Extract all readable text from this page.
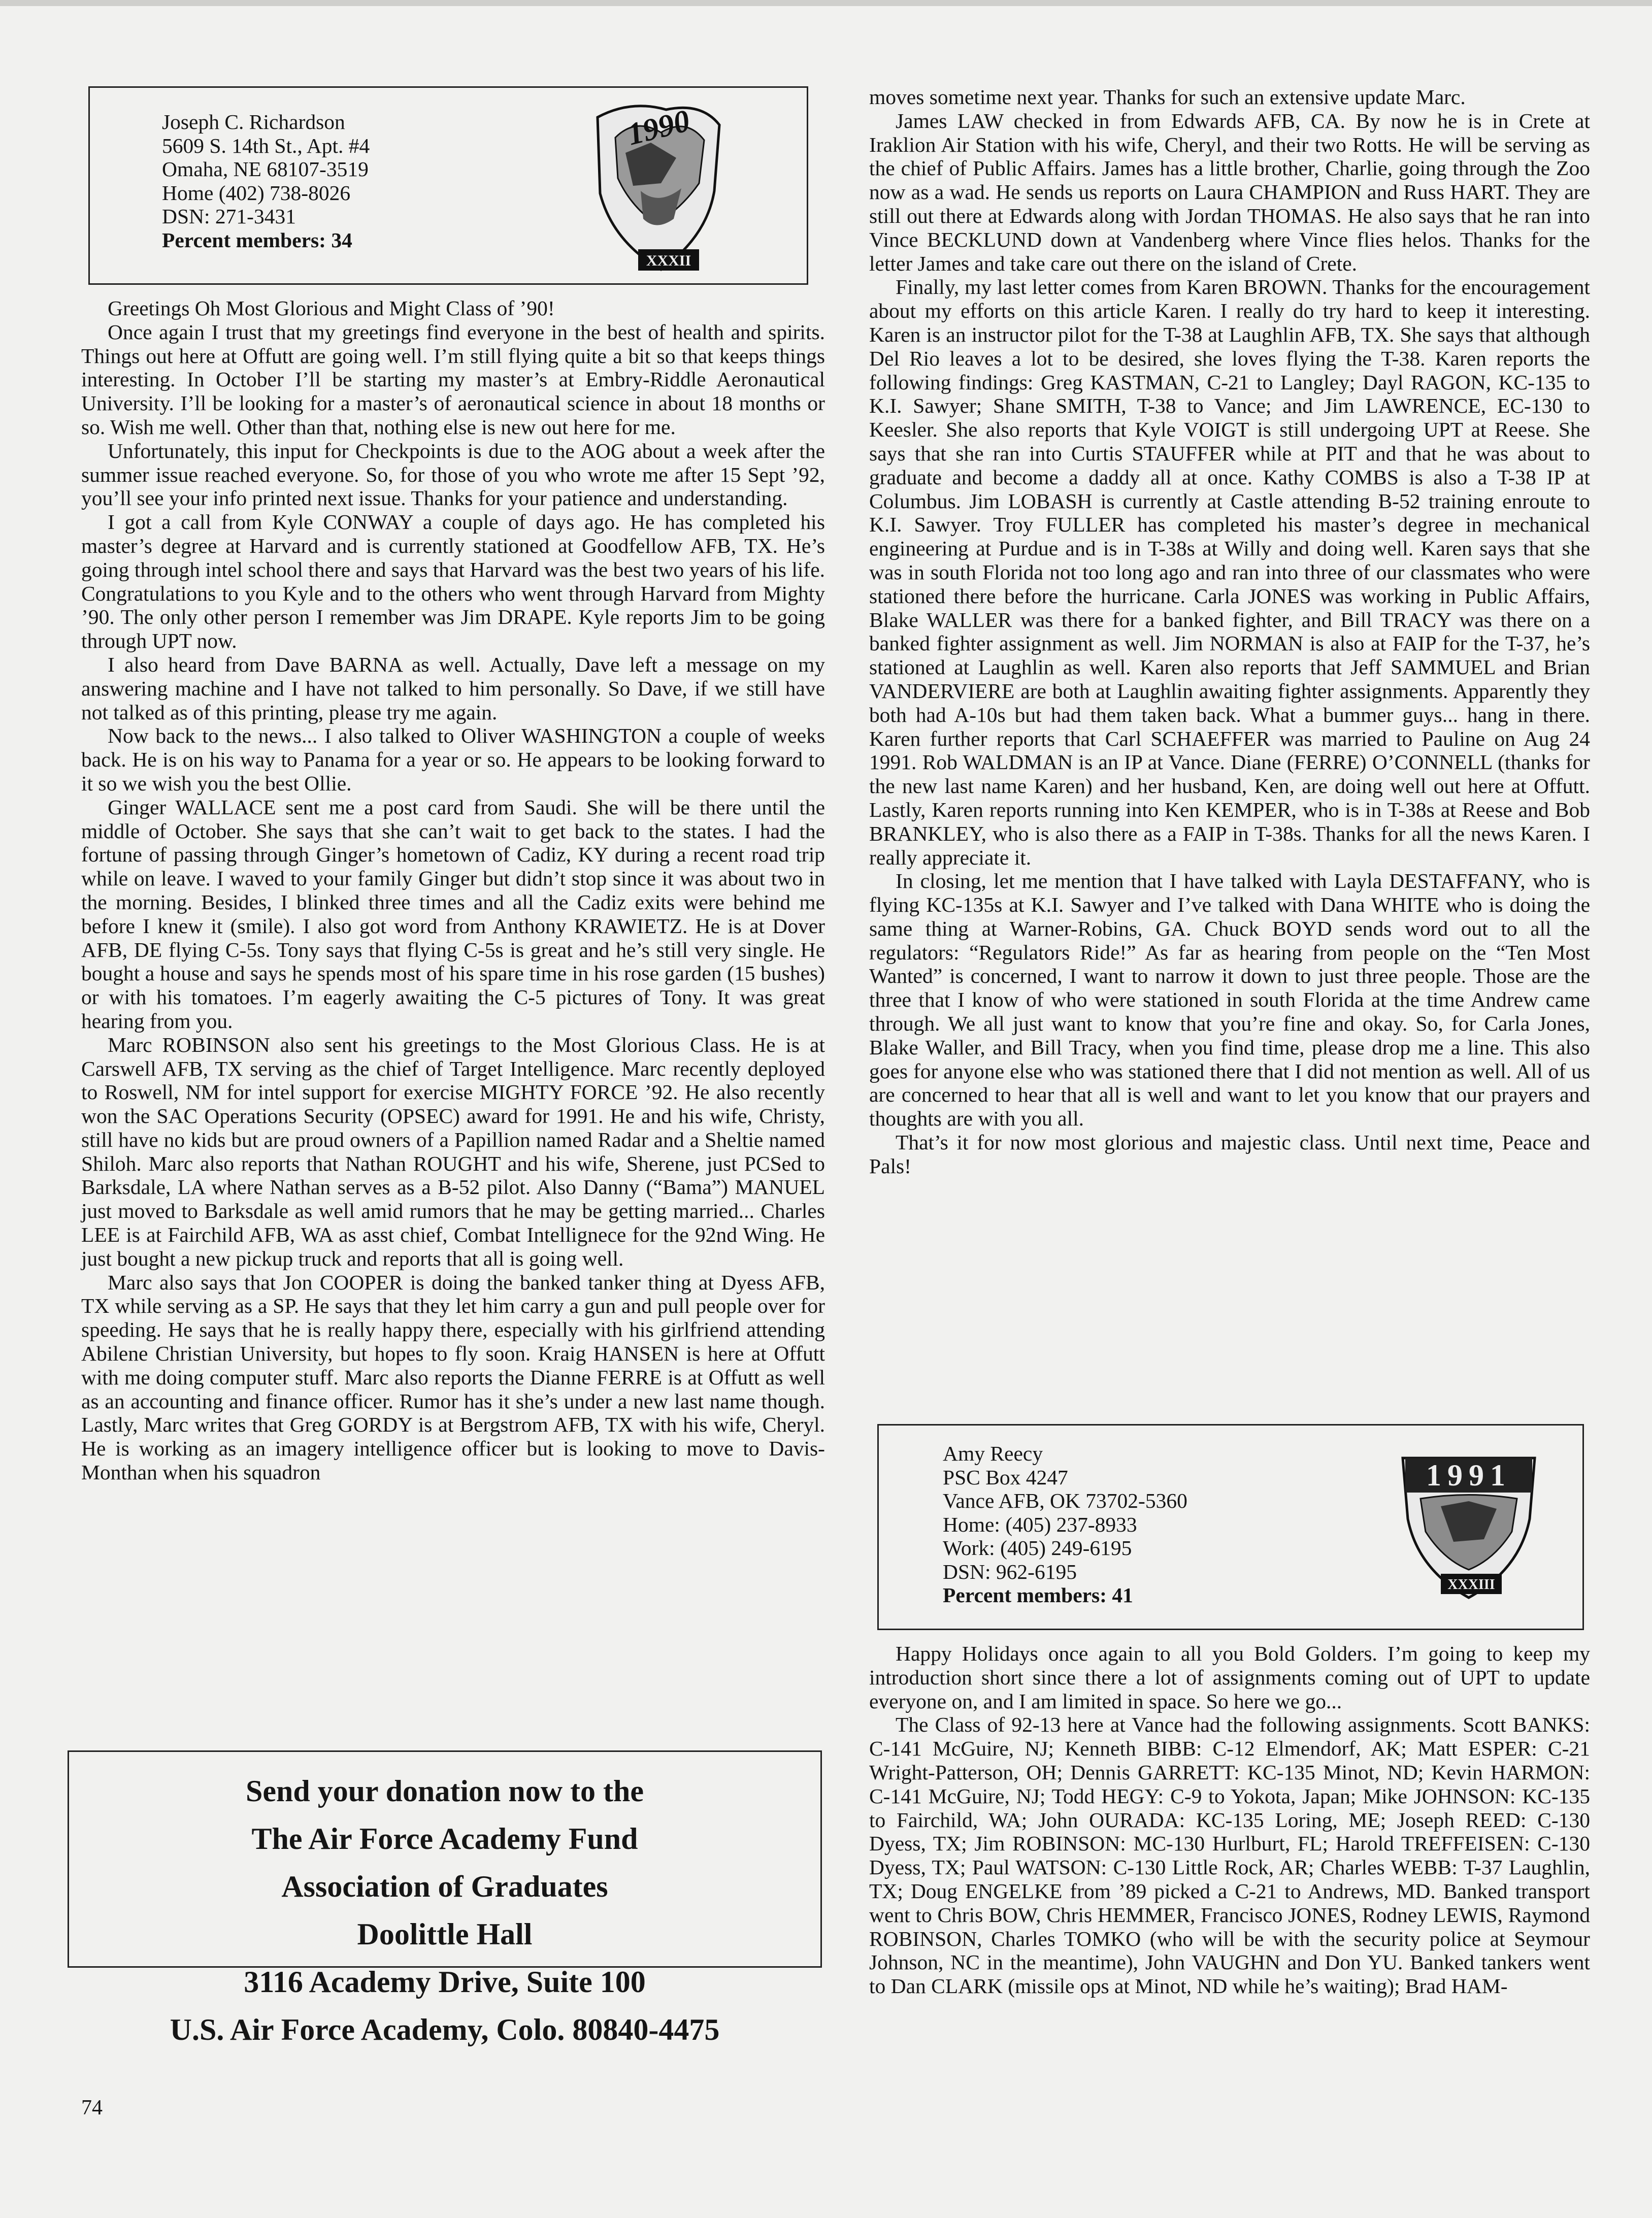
Joseph C. Richardson
5609 S. 14th St., Apt. #4
Omaha, NE 68107-3519
Home (402) 738-8026
DSN: 271-3431
Percent members: 34
1990
XXXII

Greetings Oh Most Glorious and Might Class of ’90!

Once again I trust that my greetings find everyone in the best of health and spirits. Things out here at Offutt are going well. I’m still flying quite a bit so that keeps things interesting. In October I’ll be starting my master’s at Embry-Riddle Aeronautical University. I’ll be looking for a master’s of aeronautical science in about 18 months or so. Wish me well. Other than that, nothing else is new out here for me.

Unfortunately, this input for Checkpoints is due to the AOG about a week after the summer issue reached everyone. So, for those of you who wrote me after 15 Sept ’92, you’ll see your info printed next issue. Thanks for your patience and understanding.

I got a call from Kyle CONWAY a couple of days ago. He has completed his master’s degree at Harvard and is currently stationed at Goodfellow AFB, TX. He’s going through intel school there and says that Harvard was the best two years of his life. Congratulations to you Kyle and to the others who went through Harvard from Mighty ’90. The only other person I remember was Jim DRAPE. Kyle reports Jim to be going through UPT now.

I also heard from Dave BARNA as well. Actually, Dave left a message on my answering machine and I have not talked to him personally. So Dave, if we still have not talked as of this printing, please try me again.

Now back to the news... I also talked to Oliver WASHINGTON a couple of weeks back. He is on his way to Panama for a year or so. He appears to be looking forward to it so we wish you the best Ollie.

Ginger WALLACE sent me a post card from Saudi. She will be there until the middle of October. She says that she can’t wait to get back to the states. I had the fortune of passing through Ginger’s hometown of Cadiz, KY during a recent road trip while on leave. I waved to your family Ginger but didn’t stop since it was about two in the morning. Besides, I blinked three times and all the Cadiz exits were behind me before I knew it (smile). I also got word from Anthony KRAWIETZ. He is at Dover AFB, DE flying C-5s. Tony says that flying C-5s is great and he’s still very single. He bought a house and says he spends most of his spare time in his rose garden (15 bushes) or with his tomatoes. I’m eagerly awaiting the C-5 pictures of Tony. It was great hearing from you.

Marc ROBINSON also sent his greetings to the Most Glorious Class. He is at Carswell AFB, TX serving as the chief of Target Intelligence. Marc recently deployed to Roswell, NM for intel support for exercise MIGHTY FORCE ’92. He also recently won the SAC Operations Security (OPSEC) award for 1991. He and his wife, Christy, still have no kids but are proud owners of a Papillion named Radar and a Sheltie named Shiloh. Marc also reports that Nathan ROUGHT and his wife, Sherene, just PCSed to Barksdale, LA where Nathan serves as a B-52 pilot. Also Danny (“Bama”) MANUEL just moved to Barksdale as well amid rumors that he may be getting married... Charles LEE is at Fairchild AFB, WA as asst chief, Combat Intellignece for the 92nd Wing. He just bought a new pickup truck and reports that all is going well.

Marc also says that Jon COOPER is doing the banked tanker thing at Dyess AFB, TX while serving as a SP. He says that they let him carry a gun and pull people over for speeding. He says that he is really happy there, especially with his girlfriend attending Abilene Christian University, but hopes to fly soon. Kraig HANSEN is here at Offutt with me doing computer stuff. Marc also reports the Dianne FERRE is at Offutt as well as an accounting and finance officer. Rumor has it she’s under a new last name though. Lastly, Marc writes that Greg GORDY is at Bergstrom AFB, TX with his wife, Cheryl. He is working as an imagery intelligence officer but is looking to move to Davis-Monthan when his squadron

Send your donation now to the
The Air Force Academy Fund
Association of Graduates
Doolittle Hall
3116 Academy Drive, Suite 100
U.S. Air Force Academy, Colo. 80840-4475
74

moves sometime next year. Thanks for such an extensive update Marc.

James LAW checked in from Edwards AFB, CA. By now he is in Crete at Iraklion Air Station with his wife, Cheryl, and their two Rotts. He will be serving as the chief of Public Affairs. James has a little brother, Charlie, going through the Zoo now as a wad. He sends us reports on Laura CHAMPION and Russ HART. They are still out there at Edwards along with Jordan THOMAS. He also says that he ran into Vince BECKLUND down at Vandenberg where Vince flies helos. Thanks for the letter James and take care out there on the island of Crete.

Finally, my last letter comes from Karen BROWN. Thanks for the encouragement about my efforts on this article Karen. I really do try hard to keep it interesting. Karen is an instructor pilot for the T-38 at Laughlin AFB, TX. She says that although Del Rio leaves a lot to be desired, she loves flying the T-38. Karen reports the following findings: Greg KASTMAN, C-21 to Langley; Dayl RAGON, KC-135 to K.I. Sawyer; Shane SMITH, T-38 to Vance; and Jim LAWRENCE, EC-130 to Keesler. She also reports that Kyle VOIGT is still undergoing UPT at Reese. She says that she ran into Curtis STAUFFER while at PIT and that he was about to graduate and become a daddy all at once. Kathy COMBS is also a T-38 IP at Columbus. Jim LOBASH is currently at Castle attending B-52 training enroute to K.I. Sawyer. Troy FULLER has completed his master’s degree in mechanical engineering at Purdue and is in T-38s at Willy and doing well. Karen says that she was in south Florida not too long ago and ran into three of our classmates who were stationed there before the hurricane. Carla JONES was working in Public Affairs, Blake WALLER was there for a banked fighter, and Bill TRACY was there on a banked fighter assignment as well. Jim NORMAN is also at FAIP for the T-37, he’s stationed at Laughlin as well. Karen also reports that Jeff SAMMUEL and Brian VANDERVIERE are both at Laughlin awaiting fighter assignments. Apparently they both had A-10s but had them taken back. What a bummer guys... hang in there. Karen further reports that Carl SCHAEFFER was married to Pauline on Aug 24 1991. Rob WALDMAN is an IP at Vance. Diane (FERRE) O’CONNELL (thanks for the new last name Karen) and her husband, Ken, are doing well out here at Offutt. Lastly, Karen reports running into Ken KEMPER, who is in T-38s at Reese and Bob BRANKLEY, who is also there as a FAIP in T-38s. Thanks for all the news Karen. I really appreciate it.

In closing, let me mention that I have talked with Layla DESTAFFANY, who is flying KC-135s at K.I. Sawyer and I’ve talked with Dana WHITE who is doing the same thing at Warner-Robins, GA. Chuck BOYD sends word out to all the regulators: “Regulators Ride!” As far as hearing from people on the “Ten Most Wanted” is concerned, I want to narrow it down to just three people. Those are the three that I know of who were stationed in south Florida at the time Andrew came through. We all just want to know that you’re fine and okay. So, for Carla Jones, Blake Waller, and Bill Tracy, when you find time, please drop me a line. This also goes for anyone else who was stationed there that I did not mention as well. All of us are concerned to hear that all is well and want to let you know that our prayers and thoughts are with you all.

That’s it for now most glorious and majestic class. Until next time, Peace and Pals!

Amy Reecy
PSC Box 4247
Vance AFB, OK 73702-5360
Home: (405) 237-8933
Work: (405) 249-6195
DSN: 962-6195
Percent members: 41
1991
XXXIII

Happy Holidays once again to all you Bold Golders. I’m going to keep my introduction short since there a lot of assignments coming out of UPT to update everyone on, and I am limited in space. So here we go...

The Class of 92-13 here at Vance had the following assignments. Scott BANKS: C-141 McGuire, NJ; Kenneth BIBB: C-12 Elmendorf, AK; Matt ESPER: C-21 Wright-Patterson, OH; Dennis GARRETT: KC-135 Minot, ND; Kevin HARMON: C-141 McGuire, NJ; Todd HEGY: C-9 to Yokota, Japan; Mike JOHNSON: KC-135 to Fairchild, WA; John OURADA: KC-135 Loring, ME; Joseph REED: C-130 Dyess, TX; Jim ROBINSON: MC-130 Hurlburt, FL; Harold TREFFEISEN: C-130 Dyess, TX; Paul WATSON: C-130 Little Rock, AR; Charles WEBB: T-37 Laughlin, TX; Doug ENGELKE from ’89 picked a C-21 to Andrews, MD. Banked transport went to Chris BOW, Chris HEMMER, Francisco JONES, Rodney LEWIS, Raymond ROBINSON, Charles TOMKO (who will be with the security police at Seymour Johnson, NC in the meantime), John VAUGHN and Don YU. Banked tankers went to Dan CLARK (missile ops at Minot, ND while he’s waiting); Brad HAM-
